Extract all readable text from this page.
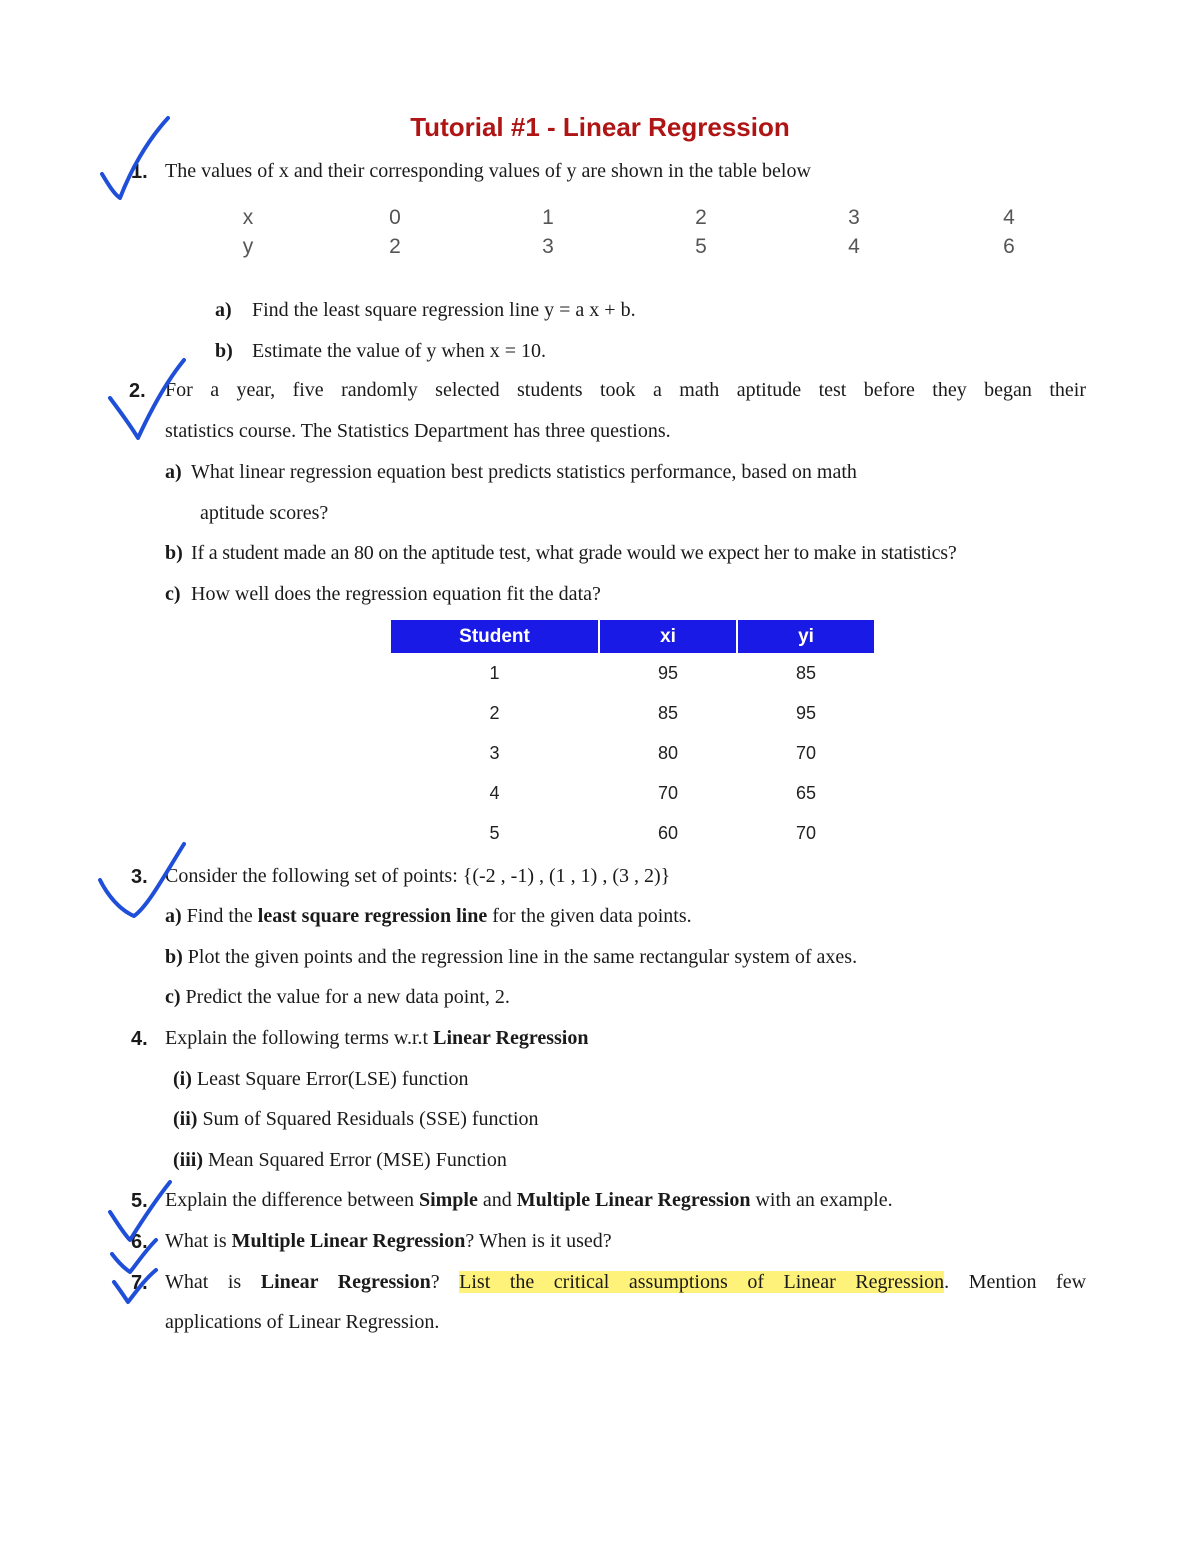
Tutorial #1 - Linear Regression
1. The values of x and their corresponding values of y are shown in the table below
x	0	1	2	3	4
y	2	3	5	4	6
a) Find the least square regression line y = a x + b.
b) Estimate the value of y when x = 10.
2. For a year, five randomly selected students took a math aptitude test before they began their
statistics course. The Statistics Department has three questions.
a) What linear regression equation best predicts statistics performance, based on math
aptitude scores?
b) If a student made an 80 on the aptitude test, what grade would we expect her to make in statistics?
c) How well does the regression equation fit the data?
Student	xi	yi
1	95	85
2	85	95
3	80	70
4	70	65
5	60	70
3. Consider the following set of points: {(-2 , -1) , (1 , 1) , (3 , 2)}
a) Find the least square regression line for the given data points.
b) Plot the given points and the regression line in the same rectangular system of axes.
c) Predict the value for a new data point, 2.
4. Explain the following terms w.r.t Linear Regression
(i) Least Square Error(LSE) function
(ii) Sum of Squared Residuals (SSE) function
(iii) Mean Squared Error (MSE) Function
5. Explain the difference between Simple and Multiple Linear Regression with an example.
6. What is Multiple Linear Regression? When is it used?
7. What is Linear Regression? List the critical assumptions of Linear Regression. Mention few
applications of Linear Regression.
